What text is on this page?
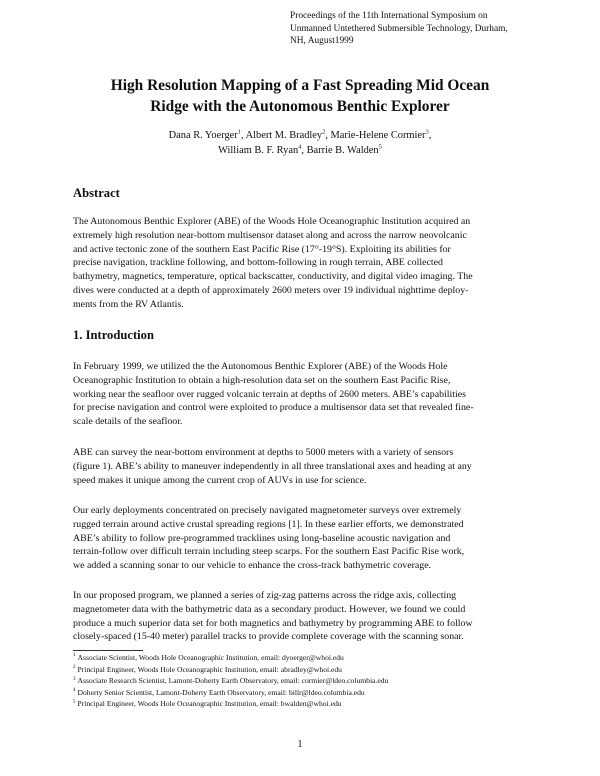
Proceedings of the 11th International Symposium on
Unmanned Untethered Submersible Technology, Durham,
NH, August1999
High Resolution Mapping of a Fast Spreading Mid Ocean
Ridge with the Autonomous Benthic Explorer
Dana R. Yoerger$^1$, Albert M. Bradley$^2$, Marie-Helene Cormier$^3$,
William B. F. Ryan$^4$, Barrie B. Walden$^5$
Abstract
The Autonomous Benthic Explorer (ABE) of the Woods Hole Oceanographic Institution acquired an
extremely high resolution near-bottom multisensor dataset along and across the narrow neovolcanic
and active tectonic zone of the southern East Pacific Rise (17°-19°S). Exploiting its abilities for
precise navigation, trackline following, and bottom-following in rough terrain, ABE collected
bathymetry, magnetics, temperature, optical backscatter, conductivity, and digital video imaging. The
dives were conducted at a depth of approximately 2600 meters over 19 individual nighttime deploy-
ments from the RV Atlantis.
1. Introduction
In February 1999, we utilized the the Autonomous Benthic Explorer (ABE) of the Woods Hole
Oceanographic Institution to obtain a high-resolution data set on the southern East Pacific Rise,
working near the seafloor over rugged volcanic terrain at depths of 2600 meters. ABE’s capabilities
for precise navigation and control were exploited to produce a multisensor data set that revealed fine-
scale details of the seafloor.
ABE can survey the near-bottom environment at depths to 5000 meters with a variety of sensors
(figure 1). ABE’s ability to maneuver independently in all three translational axes and heading at any
speed makes it unique among the current crop of AUVs in use for science.
Our early deployments concentrated on precisely navigated magnetometer surveys over extremely
rugged terrain around active crustal spreading regions [1]. In these earlier efforts, we demonstrated
ABE’s ability to follow pre-programmed tracklines using long-baseline acoustic navigation and
terrain-follow over difficult terrain including steep scarps. For the southern East Pacific Rise work,
we added a scanning sonar to our vehicle to enhance the cross-track bathymetric coverage.
In our proposed program, we planned a series of zig-zag patterns across the ridge axis, collecting
magnetometer data with the bathymetric data as a secondary product. However, we found we could
produce a much superior data set for both magnetics and bathymetry by programming ABE to follow
closely-spaced (15-40 meter) parallel tracks to provide complete coverage with the scanning sonar.
$^1$ Associate Scientist, Woods Hole Oceanographic Institution, email: dyoerger@whoi.edu
$^2$ Principal Engineer, Woods Hole Oceanographic Institution, email: abradley@whoi.edu
$^3$ Associate Research Scientist, Lamont-Doherty Earth Observatory, email: cormier@ldeo.columbia.edu
$^4$ Doherty Senior Scientist, Lamont-Doherty Earth Observatory, email: billr@ldeo.columbia.edu
$^5$ Principal Engineer, Woods Hole Oceanographic Institution, email: bwalden@whoi.edu
1
